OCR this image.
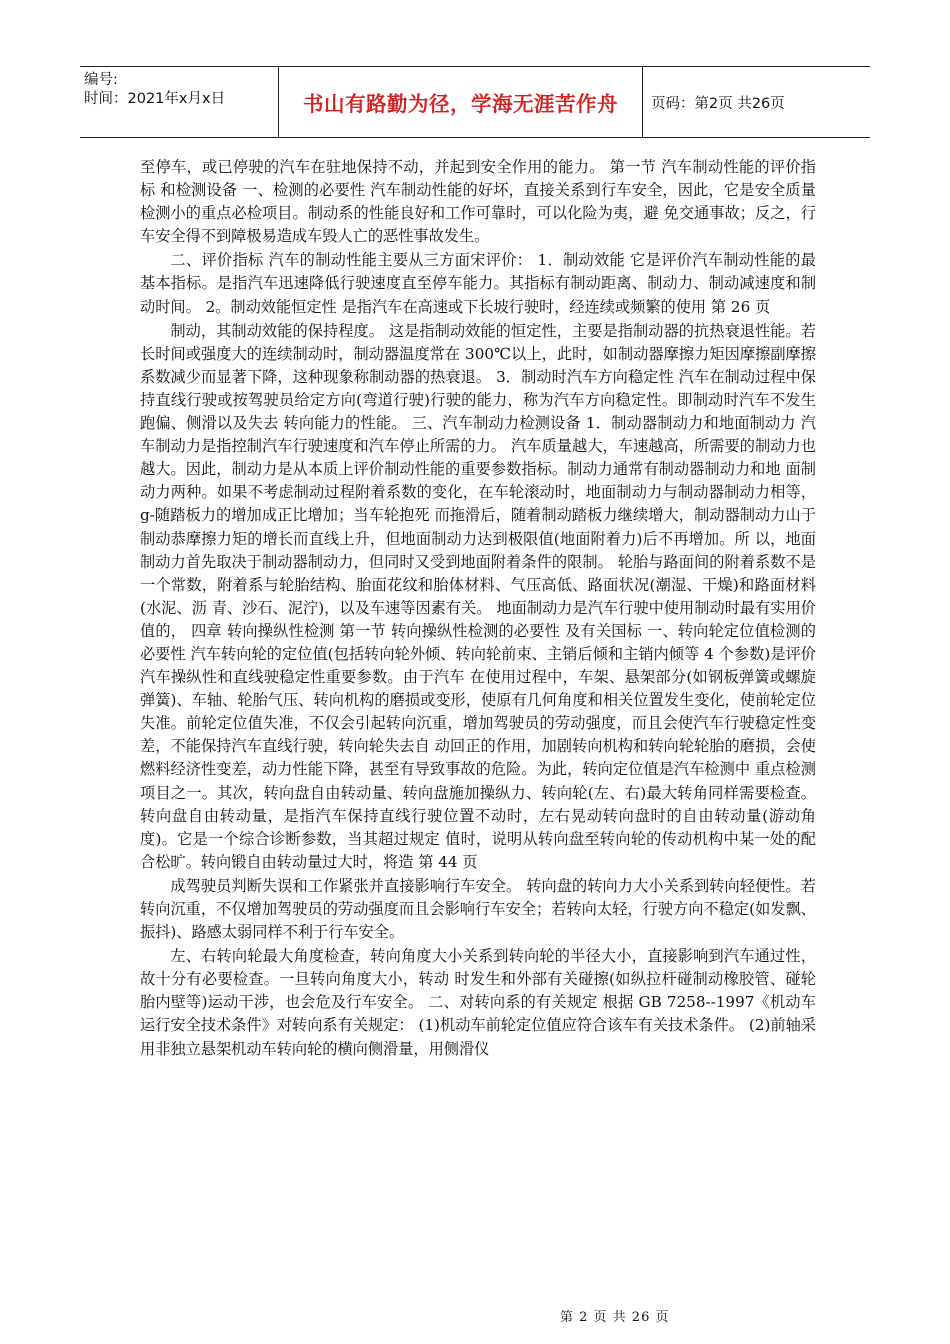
编号:
时间：2021年x月x日	书山有路勤为径，学海无涯苦作舟	页码：第2页 共26页

至停车，或已停驶的汽车在驻地保持不动，并起到安全作用的能力。 第一节 汽车制动性能的评价指标 和检测设备 一、检测的必要性 汽车制动性能的好坏，直接关系到行车安全，因此，它是安全质量检测小的重点必检项目。制动系的性能良好和工作可靠时，可以化险为夷，避 免交通事故；反之，行车安全得不到障极易造成车毁人亡的恶性事故发生。

二、评价指标 汽车的制动性能主要从三方面宋评价： 1．制动效能 它是评价汽车制动性能的最基本指标。是指汽车迅速降低行驶速度直至停车能力。其指标有制动距离、制动力、制动减速度和制动时间。 2。制动效能恒定性 是指汽车在高速或下长坡行驶时，经连续或频繁的使用 第 26 页

制动，其制动效能的保持程度。 这是指制动效能的恒定性，主要是指制动器的抗热衰退性能。若长时间或强度大的连续制动时，制动器温度常在 300℃以上，此时，如制动器摩擦力矩因摩擦副摩擦系数减少而显著下降，这种现象称制动器的热衰退。 3．制动时汽车方向稳定性 汽车在制动过程中保持直线行驶或按驾驶员给定方向(弯道行驶)行驶的能力，称为汽车方向稳定性。即制动时汽车不发生跑偏、侧滑以及失去 转向能力的性能。 三、汽车制动力检测设备 1．制动器制动力和地面制动力 汽车制动力是指控制汽车行驶速度和汽车停止所需的力。 汽车质量越大，车速越高，所需要的制动力也越大。因此，制动力是从本质上评价制动性能的重要参数指标。制动力通常有制动器制动力和地 面制动力两种。如果不考虑制动过程附着系数的变化，在车轮滚动时，地面制动力与制动器制动力相等，g-随踏板力的增加成正比增加；当车轮抱死 而拖滑后，随着制动踏板力继续增大，制动器制动力山于制动恭摩擦力矩的增长而直线上升，但地面制动力达到极限值(地面附着力)后不再增加。所 以，地面制动力首先取决于制动器制动力，但同时又受到地面附着条件的限制。 轮胎与路面间的附着系数不是一个常数，附着系与轮胎结构、胎面花纹和胎体材料、气压高低、路面状况(潮湿、干燥)和路面材料(水泥、沥 青、沙石、泥泞)，以及车速等因素有关。 地面制动力是汽车行驶中使用制动时最有实用价值的， 四章 转向操纵性检测 第一节 转向操纵性检测的必要性 及有关国标 一、转向轮定位值检测的必要性 汽车转向轮的定位值(包括转向轮外倾、转向轮前束、主销后倾和主销内倾等 4 个参数)是评价汽车操纵性和直线驶稳定性重要参数。由于汽车 在使用过程中，车架、悬架部分(如钢板弹簧或螺旋弹簧)、车轴、轮胎气压、转向机构的磨损或变形，使原有几何角度和相关位置发生变化，使前轮定位失准。前轮定位值失准，不仅会引起转向沉重，增加驾驶员的劳动强度，而且会使汽车行驶稳定性变差，不能保持汽车直线行驶，转向轮失去自 动回正的作用，加剧转向机构和转向轮轮胎的磨损，会使燃料经济性变差，动力性能下降，甚至有导致事故的危险。为此，转向定位值是汽车检测中 重点检测项目之一。其次，转向盘自由转动量、转向盘施加操纵力、转向轮(左、右)最大转角同样需要检查。 转向盘自由转动量，是指汽车保持直线行驶位置不动时，左右晃动转向盘时的自由转动量(游动角度)。它是一个综合诊断参数，当其超过规定 值时，说明从转向盘至转向轮的传动机构中某一处的配合松旷。转向锻自由转动量过大时，将造 第 44 页

成驾驶员判断失误和工作紧张并直接影响行车安全。 转向盘的转向力大小关系到转向轻便性。若转向沉重，不仅增加驾驶员的劳动强度而且会影响行车安全；若转向太轻，行驶方向不稳定(如发飘、 振抖)、路感太弱同样不利于行车安全。

左、右转向轮最大角度检查，转向角度大小关系到转向轮的半径大小，直接影响到汽车通过性，故十分有必要检查。一旦转向角度大小，转动 时发生和外部有关碰擦(如纵拉杆碰制动橡胶管、碰轮胎内壁等)运动干涉，也会危及行车安全。 二、对转向系的有关规定 根据 GB 7258--1997《机动车运行安全技术条件》对转向系有关规定： (1)机动车前轮定位值应符合该车有关技术条件。 (2)前轴采用非独立悬架机动车转向轮的横向侧滑量，用侧滑仪

第 2 页 共 26 页
